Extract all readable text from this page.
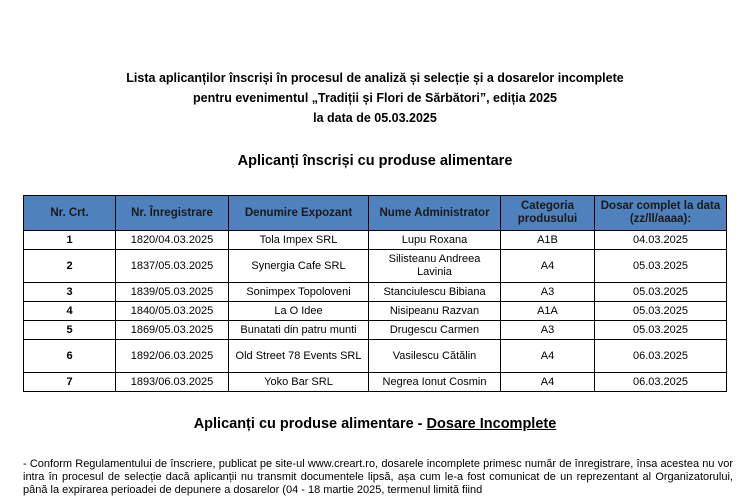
Lista aplicanților înscriși în procesul de analiză și selecție și a dosarelor incomplete
pentru evenimentul „Tradiții și Flori de Sărbători”, ediția 2025
la data de 05.03.2025
Aplicanți înscriși cu produse alimentare
Nr. Crt.	Nr. Înregistrare	Denumire Expozant	Nume Administrator	Categoria produsului	Dosar complet la data (zz/ll/aaaa):
1	1820/04.03.2025	Tola Impex SRL	Lupu Roxana	A1B	04.03.2025
2	1837/05.03.2025	Synergia Cafe SRL	Silisteanu Andreea Lavinia	A4	05.03.2025
3	1839/05.03.2025	Sonimpex Topoloveni	Stanciulescu Bibiana	A3	05.03.2025
4	1840/05.03.2025	La O Idee	Nisipeanu Razvan	A1A	05.03.2025
5	1869/05.03.2025	Bunatati din patru munti	Drugescu Carmen	A3	05.03.2025
6	1892/06.03.2025	Old Street 78 Events SRL	Vasilescu Cătălin	A4	06.03.2025
7	1893/06.03.2025	Yoko Bar SRL	Negrea Ionut Cosmin	A4	06.03.2025
Aplicanți cu produse alimentare - Dosare Incomplete
- Conform Regulamentului de înscriere, publicat pe site-ul www.creart.ro, dosarele incomplete primesc număr de înregistrare, însa acestea nu vor intra în procesul de selecție dacă aplicanții nu transmit documentele lipsă, așa cum le-a fost comunicat de un reprezentant al Organizatorului, până la expirarea perioadei de depunere a dosarelor (04 - 18 martie 2025, termenul limită fiind
